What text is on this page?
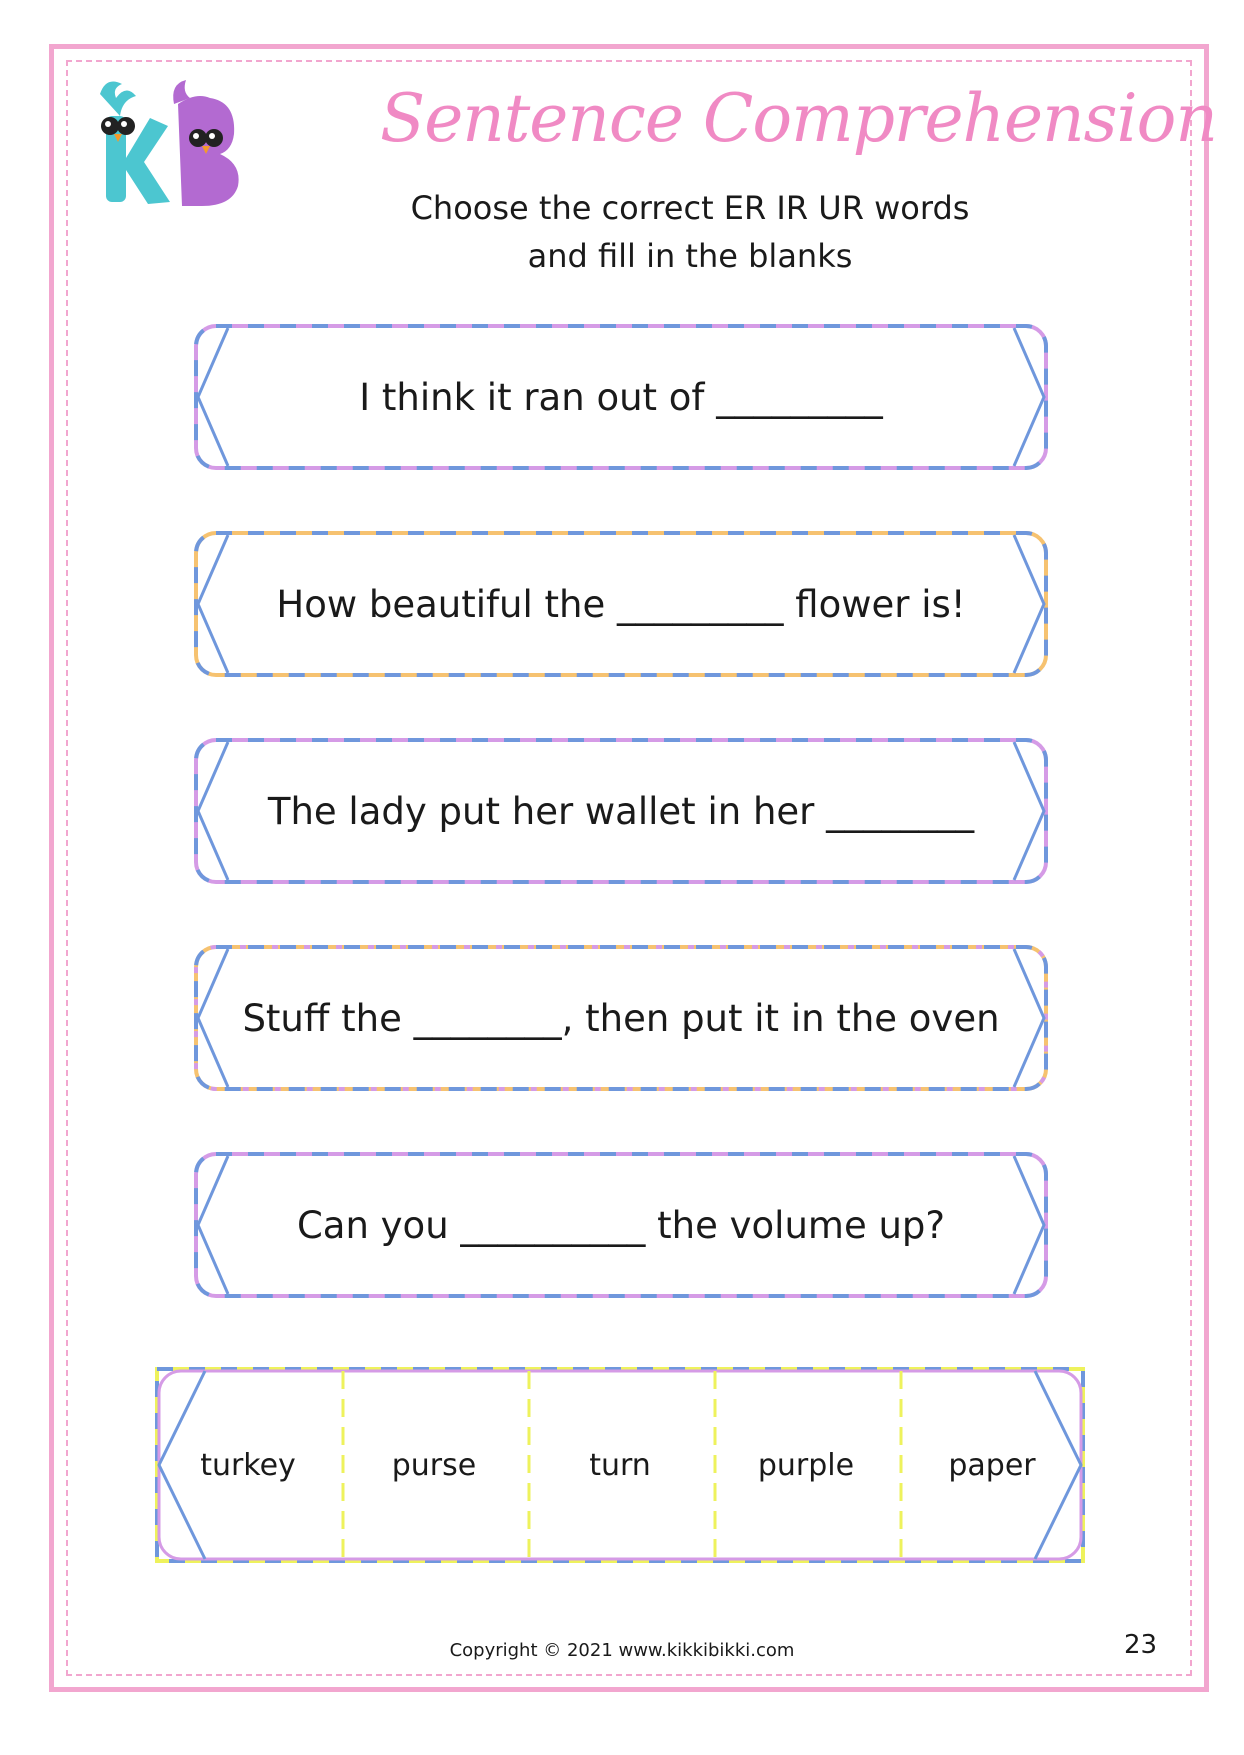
Sentence Comprehension
Choose the correct ER IR UR words
and fill in the blanks
I think it ran out of _________
How beautiful the _________ flower is!
The lady put her wallet in her ________
Stuff the ________, then put it in the oven
Can you __________ the volume up?
turkey	purse	turn	purple	paper
Copyright © 2021 www.kikkibikki.com	23
